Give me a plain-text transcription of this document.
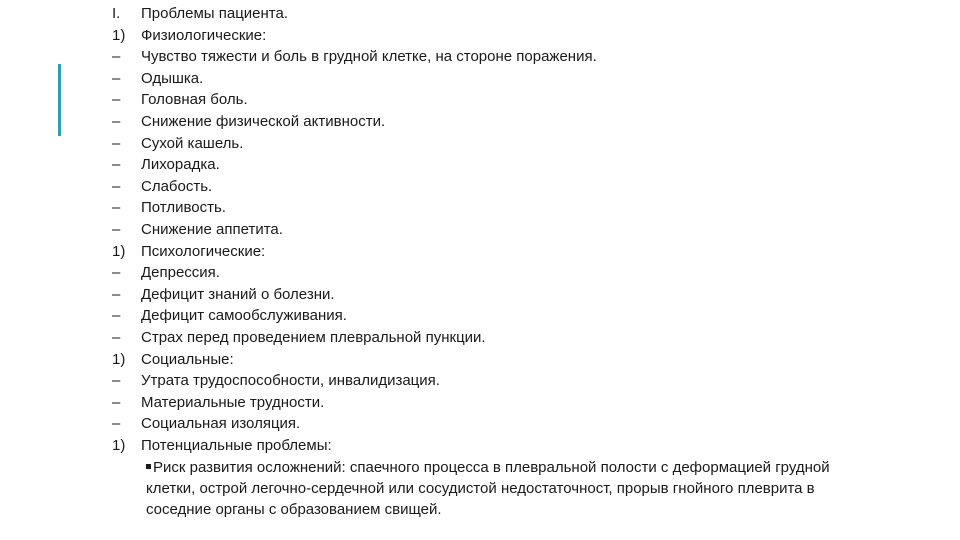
I.	Проблемы пациента.
1)	Физиологические:
–	Чувство тяжести и боль в грудной клетке, на стороне поражения.
–	Одышка.
–	Головная боль.
–	Снижение физической активности.
–	Сухой кашель.
–	Лихорадка.
–	Слабость.
–	Потливость.
–	Снижение аппетита.
1)	Психологические:
–	Депрессия.
–	Дефицит знаний о болезни.
–	Дефицит самообслуживания.
–	Страх перед проведением плевральной пункции.
1)	Социальные:
–	Утрата трудоспособности, инвалидизация.
–	Материальные трудности.
–	Социальная изоляция.
1)	Потенциальные проблемы:

Риск развития осложнений: спаечного процесса в плевральной полости с деформацией грудной

клетки, острой легочно-сердечной или сосудистой недостаточност, прорыв гнойного плеврита в

соседние органы с образованием свищей.
